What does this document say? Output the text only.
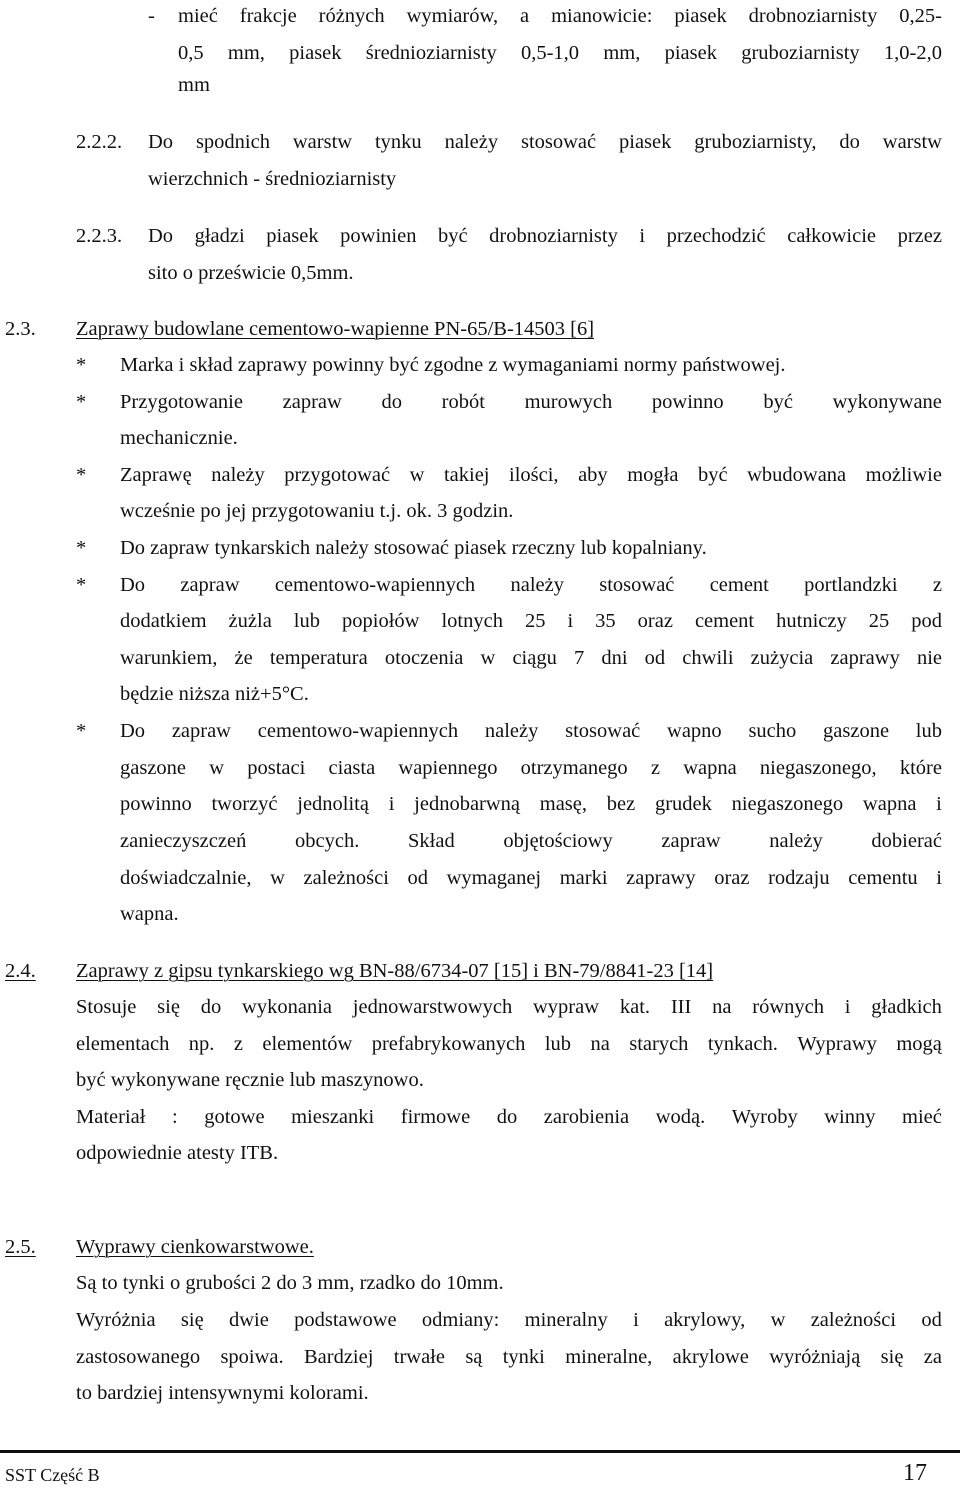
- mieć frakcje różnych wymiarów, a mianowicie: piasek drobnoziarnisty 0,25-
0,5 mm, piasek średnioziarnisty 0,5-1,0 mm, piasek gruboziarnisty 1,0-2,0
mm
2.2.2. Do spodnich warstw tynku należy stosować piasek gruboziarnisty, do warstw
wierzchnich - średnioziarnisty
2.2.3. Do gładzi piasek powinien być drobnoziarnisty i przechodzić całkowicie przez
sito o prześwicie 0,5mm.
2.3. Zaprawy budowlane cementowo-wapienne PN-65/B-14503 [6]
* Marka i skład zaprawy powinny być zgodne z wymaganiami normy państwowej.
* Przygotowanie zapraw do robót murowych powinno być wykonywane
mechanicznie.
* Zaprawę należy przygotować w takiej ilości, aby mogła być wbudowana możliwie
wcześnie po jej przygotowaniu t.j. ok. 3 godzin.
* Do zapraw tynkarskich należy stosować piasek rzeczny lub kopalniany.
* Do zapraw cementowo-wapiennych należy stosować cement portlandzki z
dodatkiem żużla lub popiołów lotnych 25 i 35 oraz cement hutniczy 25 pod
warunkiem, że temperatura otoczenia w ciągu 7 dni od chwili zużycia zaprawy nie
będzie niższa niż+5°C.
* Do zapraw cementowo-wapiennych należy stosować wapno sucho gaszone lub
gaszone w postaci ciasta wapiennego otrzymanego z wapna niegaszonego, które
powinno tworzyć jednolitą i jednobarwną masę, bez grudek niegaszonego wapna i
zanieczyszczeń obcych. Skład objętościowy zapraw należy dobierać
doświadczalnie, w zależności od wymaganej marki zaprawy oraz rodzaju cementu i
wapna.
2.4. Zaprawy z gipsu tynkarskiego wg BN-88/6734-07 [15] i BN-79/8841-23 [14]
Stosuje się do wykonania jednowarstwowych wypraw kat. III na równych i gładkich
elementach np. z elementów prefabrykowanych lub na starych tynkach. Wyprawy mogą
być wykonywane ręcznie lub maszynowo.
Materiał : gotowe mieszanki firmowe do zarobienia wodą. Wyroby winny mieć
odpowiednie atesty ITB.
2.5. Wyprawy cienkowarstwowe.
Są to tynki o grubości 2 do 3 mm, rzadko do 10mm.
Wyróżnia się dwie podstawowe odmiany: mineralny i akrylowy, w zależności od
zastosowanego spoiwa. Bardziej trwałe są tynki mineralne, akrylowe wyróżniają się za
to bardziej intensywnymi kolorami.
SST Część B	17
